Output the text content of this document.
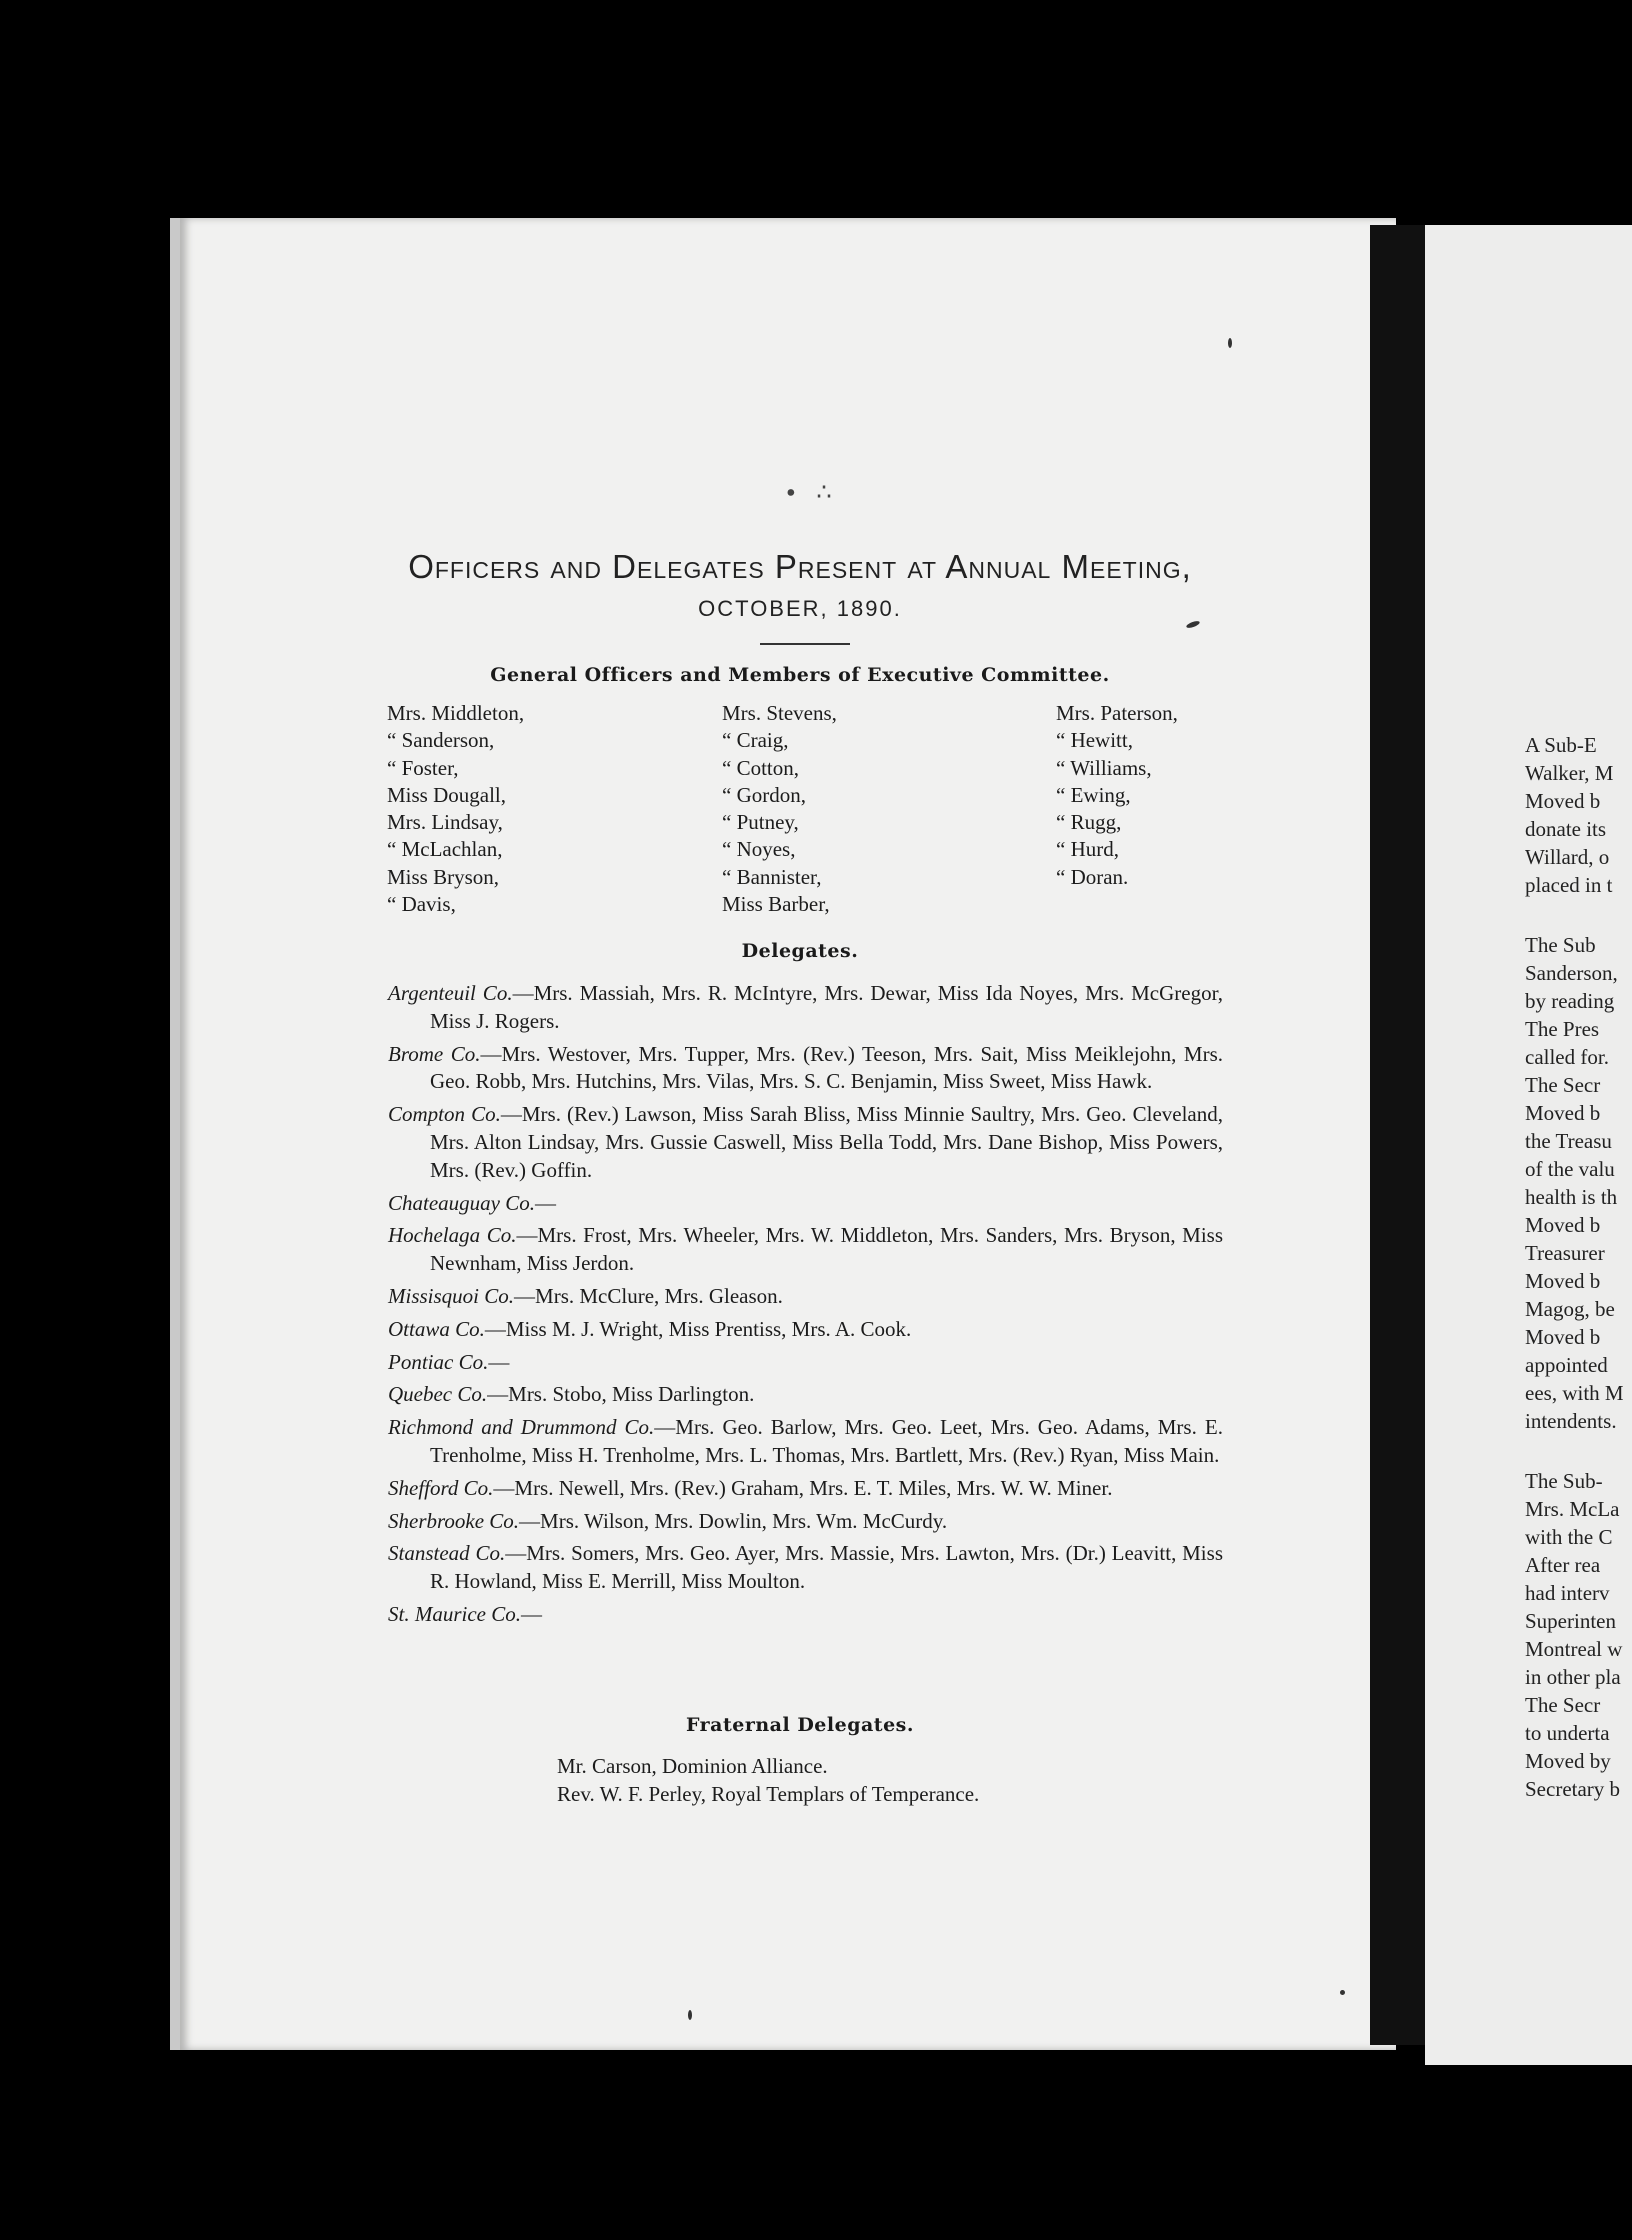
A Sub-E
Walker, M
Moved b
donate its
Willard, o
placed in t
The Sub
Sanderson,
by reading
The Pres
called for.
The Secr
Moved b
the Treasu
of the valu
health is th
Moved b
Treasurer
Moved b
Magog, be
Moved b
appointed
ees, with M
intendents.
The Sub-
Mrs. McLa
with the C
After rea
had interv
Superinten
Montreal w
in other pla
The Secr
to underta
Moved by
Secretary b
∙ ∴
Officers and Delegates Present at Annual Meeting,
OCTOBER, 1890.
General Officers and Members of Executive Committee.
Mrs. Middleton,
“ Sanderson,
“ Foster,
Miss Dougall,
Mrs. Lindsay,
“ McLachlan,
Miss Bryson,
“ Davis,
Mrs. Stevens,
“ Craig,
“ Cotton,
“ Gordon,
“ Putney,
“ Noyes,
“ Bannister,
Miss Barber,
Mrs. Paterson,
“ Hewitt,
“ Williams,
“ Ewing,
“ Rugg,
“ Hurd,
“ Doran.
Delegates.
Argenteuil Co.—Mrs. Massiah, Mrs. R. McIntyre, Mrs. Dewar, Miss Ida Noyes, Mrs. McGregor, Miss J. Rogers.
Brome Co.—Mrs. Westover, Mrs. Tupper, Mrs. (Rev.) Teeson, Mrs. Sait, Miss Meiklejohn, Mrs. Geo. Robb, Mrs. Hutchins, Mrs. Vilas, Mrs. S. C. Benjamin, Miss Sweet, Miss Hawk.
Compton Co.—Mrs. (Rev.) Lawson, Miss Sarah Bliss, Miss Minnie Saultry, Mrs. Geo. Cleveland, Mrs. Alton Lindsay, Mrs. Gussie Caswell, Miss Bella Todd, Mrs. Dane Bishop, Miss Powers, Mrs. (Rev.) Goffin.
Chateauguay Co.—
Hochelaga Co.—Mrs. Frost, Mrs. Wheeler, Mrs. W. Middleton, Mrs. Sanders, Mrs. Bryson, Miss Newnham, Miss Jerdon.
Missisquoi Co.—Mrs. McClure, Mrs. Gleason.
Ottawa Co.—Miss M. J. Wright, Miss Prentiss, Mrs. A. Cook.
Pontiac Co.—
Quebec Co.—Mrs. Stobo, Miss Darlington.
Richmond and Drummond Co.—Mrs. Geo. Barlow, Mrs. Geo. Leet, Mrs. Geo. Adams, Mrs. E. Trenholme, Miss H. Trenholme, Mrs. L. Thomas, Mrs. Bartlett, Mrs. (Rev.) Ryan, Miss Main.
Shefford Co.—Mrs. Newell, Mrs. (Rev.) Graham, Mrs. E. T. Miles, Mrs. W. W. Miner.
Sherbrooke Co.—Mrs. Wilson, Mrs. Dowlin, Mrs. Wm. McCurdy.
Stanstead Co.—Mrs. Somers, Mrs. Geo. Ayer, Mrs. Massie, Mrs. Lawton, Mrs. (Dr.) Leavitt, Miss R. Howland, Miss E. Merrill, Miss Moulton.
St. Maurice Co.—
Fraternal Delegates.
Mr. Carson, Dominion Alliance.
Rev. W. F. Perley, Royal Templars of Temperance.
